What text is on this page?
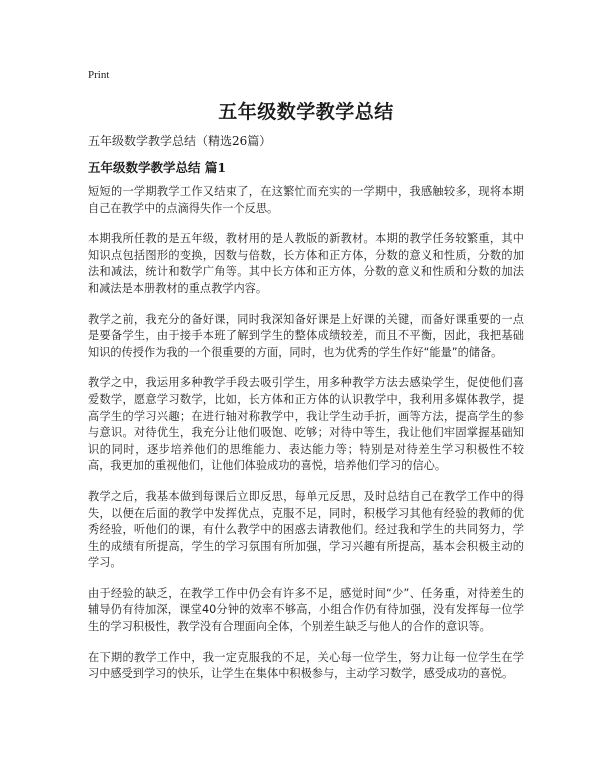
Print
五年级数学教学总结
五年级数学教学总结（精选26篇）
五年级数学教学总结 篇1

短短的一学期教学工作又结束了，在这繁忙而充实的一学期中，我感触较多，现将本期自己在教学中的点滴得失作一个反思。

本期我所任教的是五年级，教材用的是人教版的新教材。本期的教学任务较繁重，其中知识点包括图形的变换，因数与倍数，长方体和正方体，分数的意义和性质，分数的加法和减法，统计和数学广角等。其中长方体和正方体，分数的意义和性质和分数的加法和减法是本册教材的重点教学内容。

教学之前，我充分的备好课，同时我深知备好课是上好课的关键，而备好课重要的一点是要备学生，由于接手本班了解到学生的整体成绩较差，而且不平衡，因此，我把基础知识的传授作为我的一个很重要的方面，同时，也为优秀的学生作好“能量”的储备。

教学之中，我运用多种教学手段去吸引学生，用多种教学方法去感染学生，促使他们喜爱数学，愿意学习数学，比如，长方体和正方体的认识教学中，我利用多媒体教学，提高学生的学习兴趣；在进行轴对称教学中，我让学生动手折，画等方法，提高学生的参与意识。对待优生，我充分让他们吸饱、吃够；对待中等生，我让他们牢固掌握基础知识的同时，逐步培养他们的思维能力、表达能力等；特别是对待差生学习积极性不较高，我更加的重视他们，让他们体验成功的喜悦，培养他们学习的信心。

教学之后，我基本做到每课后立即反思，每单元反思，及时总结自己在教学工作中的得失，以便在后面的教学中发挥优点，克服不足，同时，积极学习其他有经验的教师的优秀经验，听他们的课，有什么教学中的困惑去请教他们。经过我和学生的共同努力，学生的成绩有所提高，学生的学习氛围有所加强，学习兴趣有所提高，基本会积极主动的学习。

由于经验的缺乏，在教学工作中仍会有许多不足，感觉时间“少”、任务重，对待差生的辅导仍有待加深，课堂40分钟的效率不够高，小组合作仍有待加强，没有发挥每一位学生的学习积极性，教学没有合理面向全体，个别差生缺乏与他人的合作的意识等。

在下期的教学工作中，我一定克服我的不足，关心每一位学生，努力让每一位学生在学习中感受到学习的快乐，让学生在集体中积极参与，主动学习数学，感受成功的喜悦。
